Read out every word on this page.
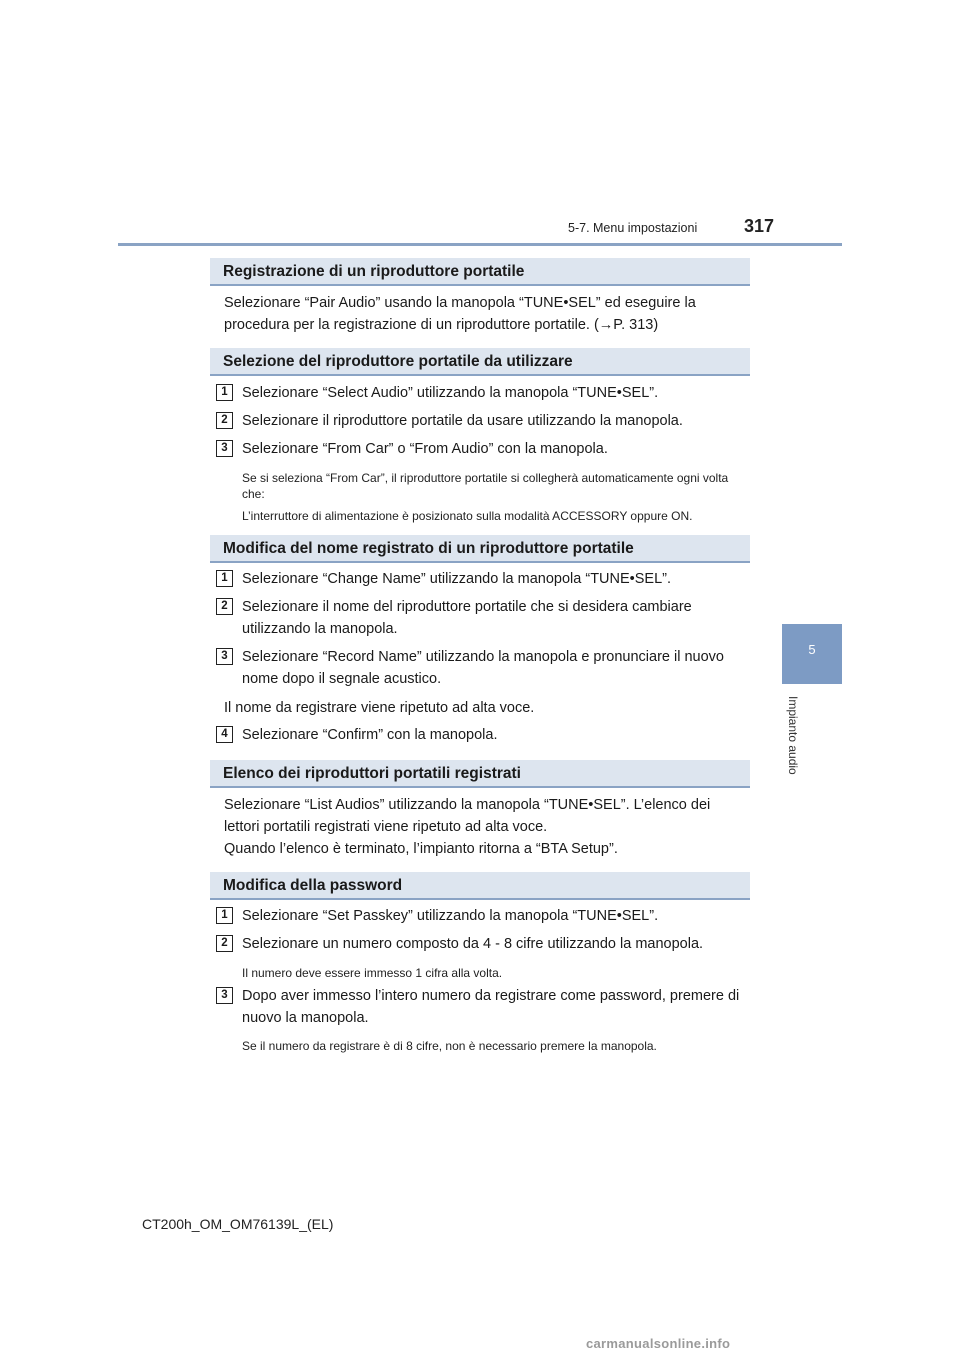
5-7. Menu impostazioni	317
5
Impianto audio
Registrazione di un riproduttore portatile
Selezionare “Pair Audio” usando la manopola “TUNE•SEL” ed eseguire la procedura per la registrazione di un riproduttore portatile. (→P. 313)
Selezione del riproduttore portatile da utilizzare
1 Selezionare “Select Audio” utilizzando la manopola “TUNE•SEL”.
2 Selezionare il riproduttore portatile da usare utilizzando la manopola.
3 Selezionare “From Car” o “From Audio” con la manopola.
Se si seleziona “From Car”, il riproduttore portatile si collegherà automaticamente ogni volta che:
L’interruttore di alimentazione è posizionato sulla modalità ACCESSORY oppure ON.
Modifica del nome registrato di un riproduttore portatile
1 Selezionare “Change Name” utilizzando la manopola “TUNE•SEL”.
2 Selezionare il nome del riproduttore portatile che si desidera cambiare utilizzando la manopola.
3 Selezionare “Record Name” utilizzando la manopola e pronunciare il nuovo nome dopo il segnale acustico.
Il nome da registrare viene ripetuto ad alta voce.
4 Selezionare “Confirm” con la manopola.
Elenco dei riproduttori portatili registrati
Selezionare “List Audios” utilizzando la manopola “TUNE•SEL”. L’elenco dei lettori portatili registrati viene ripetuto ad alta voce.
Quando l’elenco è terminato, l’impianto ritorna a “BTA Setup”.
Modifica della password
1 Selezionare “Set Passkey” utilizzando la manopola “TUNE•SEL”.
2 Selezionare un numero composto da 4 - 8 cifre utilizzando la manopola.
Il numero deve essere immesso 1 cifra alla volta.
3 Dopo aver immesso l’intero numero da registrare come password, premere di nuovo la manopola.
Se il numero da registrare è di 8 cifre, non è necessario premere la manopola.
CT200h_OM_OM76139L_(EL)
carmanualsonline.info
